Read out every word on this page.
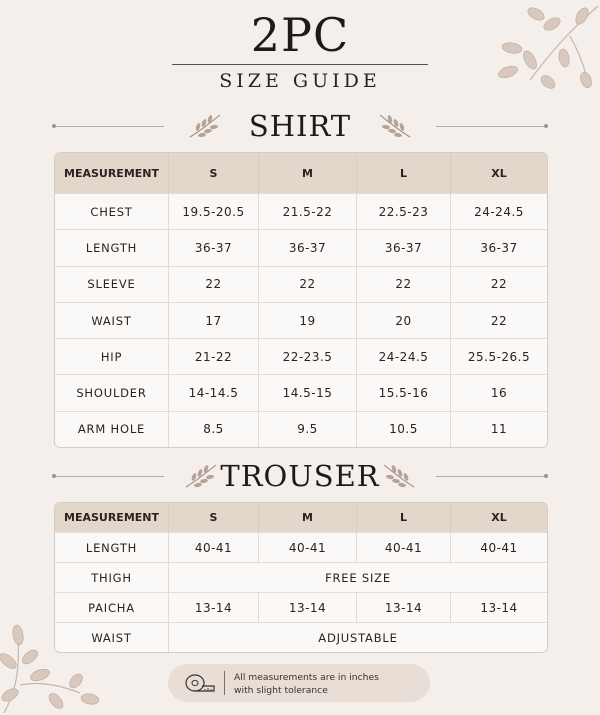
2PC
SIZE GUIDE
SHIRT
MEASUREMENT	S	M	L	XL
CHEST	19.5-20.5	21.5-22	22.5-23	24-24.5
LENGTH	36-37	36-37	36-37	36-37
SLEEVE	22	22	22	22
WAIST	17	19	20	22
HIP	21-22	22-23.5	24-24.5	25.5-26.5
SHOULDER	14-14.5	14.5-15	15.5-16	16
ARM HOLE	8.5	9.5	10.5	11
TROUSER
MEASUREMENT	S	M	L	XL
LENGTH	40-41	40-41	40-41	40-41
THIGH	FREE SIZE			
PAICHA	13-14	13-14	13-14	13-14
WAIST	ADJUSTABLE			
All measurements are in inches
with slight tolerance
